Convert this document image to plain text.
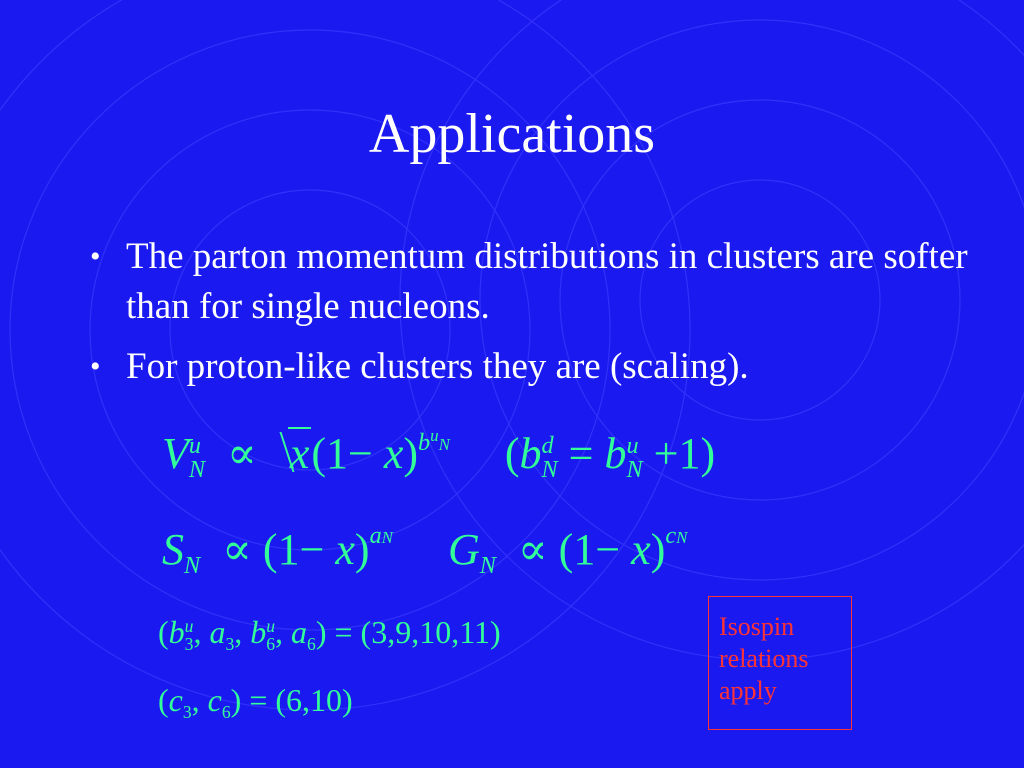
Applications
• The parton momentum distributions in clusters are softer than for single nucleons.
• For proton-like clusters they are (scaling).
V u
N ∝ x(1− x) $b^uN$ (b d
N = b u
N +1)
S
N ∝ (1− x) aN G
N ∝ (1− x) cN
(b u
3 , a
3 , b u
6 , a
6 ) = (3,9,10,11)
(c
3 , c
6 ) = (6,10)
Isospin
relations
apply
